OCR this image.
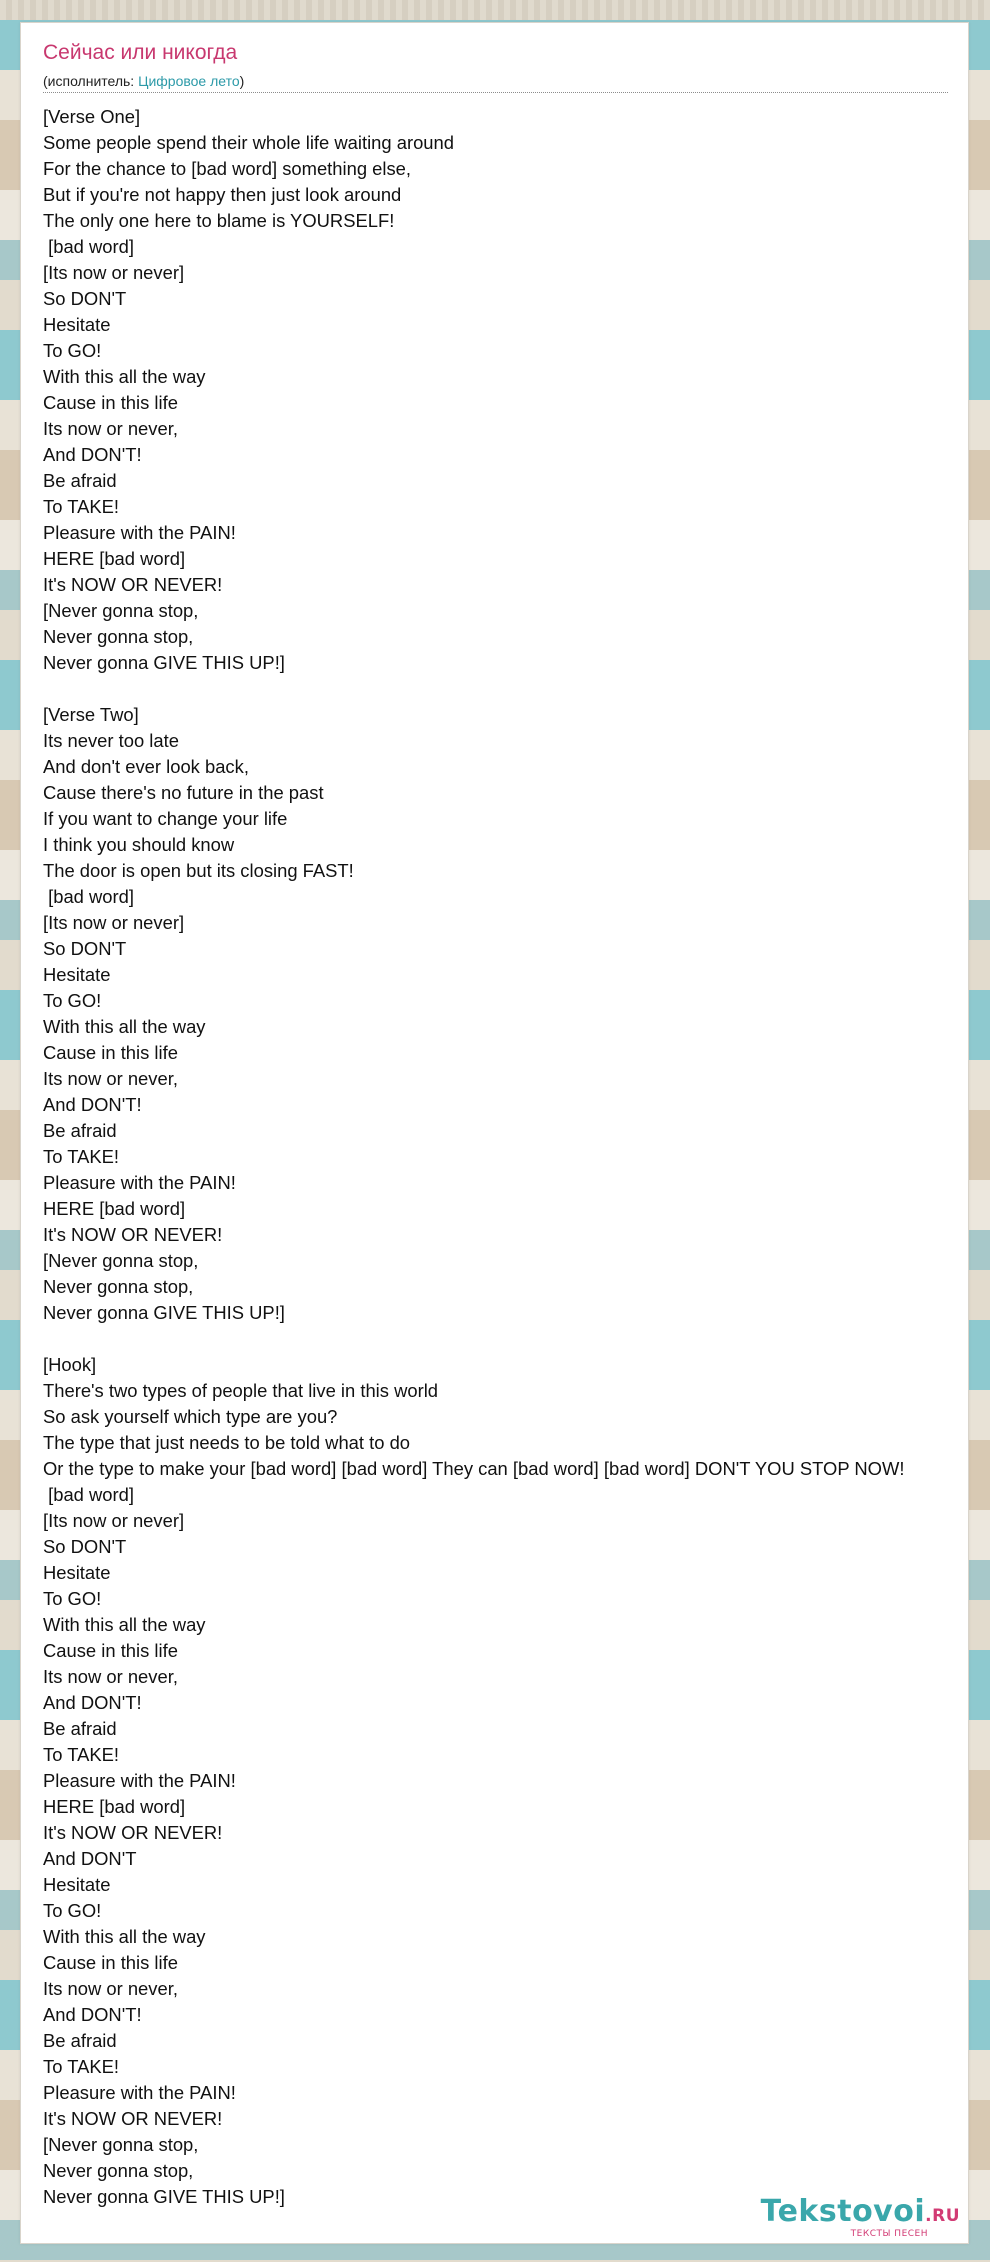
Сейчас или никогда
(исполнитель: Цифровое лето)
[Verse One]
Some people spend their whole life waiting around
For the chance to [bad word] something else,
But if you're not happy then just look around
The only one here to blame is YOURSELF!
[bad word]
[Its now or never]
So DON'T
Hesitate
To GO!
With this all the way
Cause in this life
Its now or never,
And DON'T!
Be afraid
To TAKE!
Pleasure with the PAIN!
HERE [bad word]
It's NOW OR NEVER!
[Never gonna stop,
Never gonna stop,
Never gonna GIVE THIS UP!]

[Verse Two]
Its never too late
And don't ever look back,
Cause there's no future in the past
If you want to change your life
I think you should know
The door is open but its closing FAST!
[bad word]
[Its now or never]
So DON'T
Hesitate
To GO!
With this all the way
Cause in this life
Its now or never,
And DON'T!
Be afraid
To TAKE!
Pleasure with the PAIN!
HERE [bad word]
It's NOW OR NEVER!
[Never gonna stop,
Never gonna stop,
Never gonna GIVE THIS UP!]

[Hook]
There's two types of people that live in this world
So ask yourself which type are you?
The type that just needs to be told what to do
Or the type to make your [bad word] [bad word] They can [bad word] [bad word] DON'T YOU STOP NOW!
[bad word]
[Its now or never]
So DON'T
Hesitate
To GO!
With this all the way
Cause in this life
Its now or never,
And DON'T!
Be afraid
To TAKE!
Pleasure with the PAIN!
HERE [bad word]
It's NOW OR NEVER!
And DON'T
Hesitate
To GO!
With this all the way
Cause in this life
Its now or never,
And DON'T!
Be afraid
To TAKE!
Pleasure with the PAIN!
It's NOW OR NEVER!
[Never gonna stop,
Never gonna stop,
Never gonna GIVE THIS UP!]	Tekstovoi.RU
ТЕКСТЫ ПЕСЕН
